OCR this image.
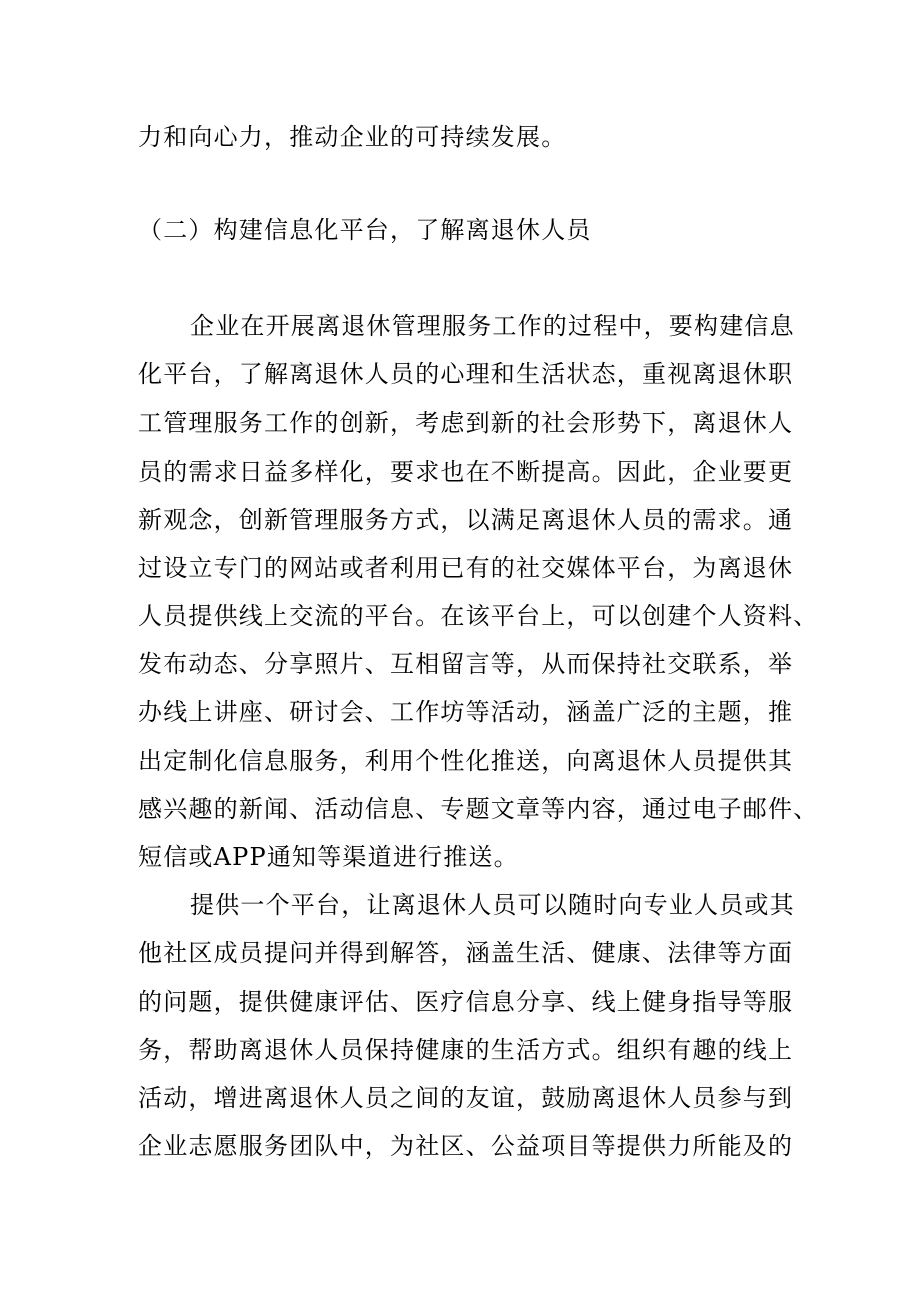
力和向心力，推动企业的可持续发展。
（二）构建信息化平台，了解离退休人员
企业在开展离退休管理服务工作的过程中，要构建信息
化平台，了解离退休人员的心理和生活状态，重视离退休职
工管理服务工作的创新，考虑到新的社会形势下，离退休人
员的需求日益多样化，要求也在不断提高。因此，企业要更
新观念，创新管理服务方式，以满足离退休人员的需求。通
过设立专门的网站或者利用已有的社交媒体平台，为离退休
人员提供线上交流的平台。在该平台上，可以创建个人资料、
发布动态、分享照片、互相留言等，从而保持社交联系，举
办线上讲座、研讨会、工作坊等活动，涵盖广泛的主题，推
出定制化信息服务，利用个性化推送，向离退休人员提供其
感兴趣的新闻、活动信息、专题文章等内容，通过电子邮件、
短信或APP通知等渠道进行推送。
提供一个平台，让离退休人员可以随时向专业人员或其
他社区成员提问并得到解答，涵盖生活、健康、法律等方面
的问题，提供健康评估、医疗信息分享、线上健身指导等服
务，帮助离退休人员保持健康的生活方式。组织有趣的线上
活动，增进离退休人员之间的友谊，鼓励离退休人员参与到
企业志愿服务团队中，为社区、公益项目等提供力所能及的
